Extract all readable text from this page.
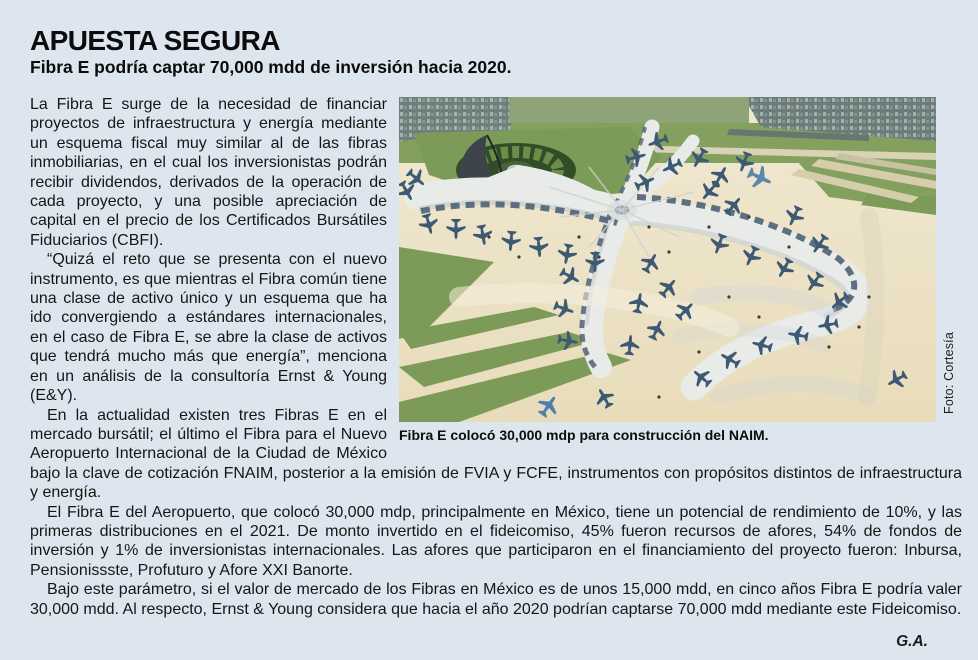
APUESTA SEGURA
Fibra E podría captar 70,000 mdd de inversión hacia 2020.
Fibra E colocó 30,000 mdp para construcción del NAIM.
Foto: Cortesía

La Fibra E surge de la necesidad de financiar proyectos de infraestructura y energía mediante un esquema fiscal muy similar al de las fibras inmobiliarias, en el cual los inversionistas podrán recibir dividendos, derivados de la operación de cada proyecto, y una posible apreciación de capital en el precio de los Certificados Bursátiles Fiduciarios (CBFI).

“Quizá el reto que se presenta con el nuevo instrumento, es que mientras el Fibra común tiene una clase de activo único y un esquema que ha ido convergiendo a estándares internacionales, en el caso de Fibra E, se abre la clase de activos que tendrá mucho más que energía”, menciona en un análisis de la consultoría Ernst & Young (E&Y).

En la actualidad existen tres Fibras E en el mercado bursátil; el último el Fibra para el Nuevo Aeropuerto Internacional de la Ciudad de México bajo la clave de cotización FNAIM, posterior a la emisión de FVIA y FCFE, instrumentos con propósitos distintos de infraestructura y energía.

El Fibra E del Aeropuerto, que colocó 30,000 mdp, principalmente en México, tiene un potencial de rendimiento de 10%, y las primeras distribuciones en el 2021. De monto invertido en el fideicomiso, 45% fueron recursos de afores, 54% de fondos de inversión y 1% de inversionistas internacionales. Las afores que participaron en el financiamiento del proyecto fueron: Inbursa, Pensionissste, Profuturo y Afore XXI Banorte.

Bajo este parámetro, si el valor de mercado de los Fibras en México es de unos 15,000 mdd, en cinco años Fibra E podría valer 30,000 mdd. Al respecto, Ernst & Young considera que hacia el año 2020 podrían captarse 70,000 mdd mediante este Fideicomiso.

G.A.
